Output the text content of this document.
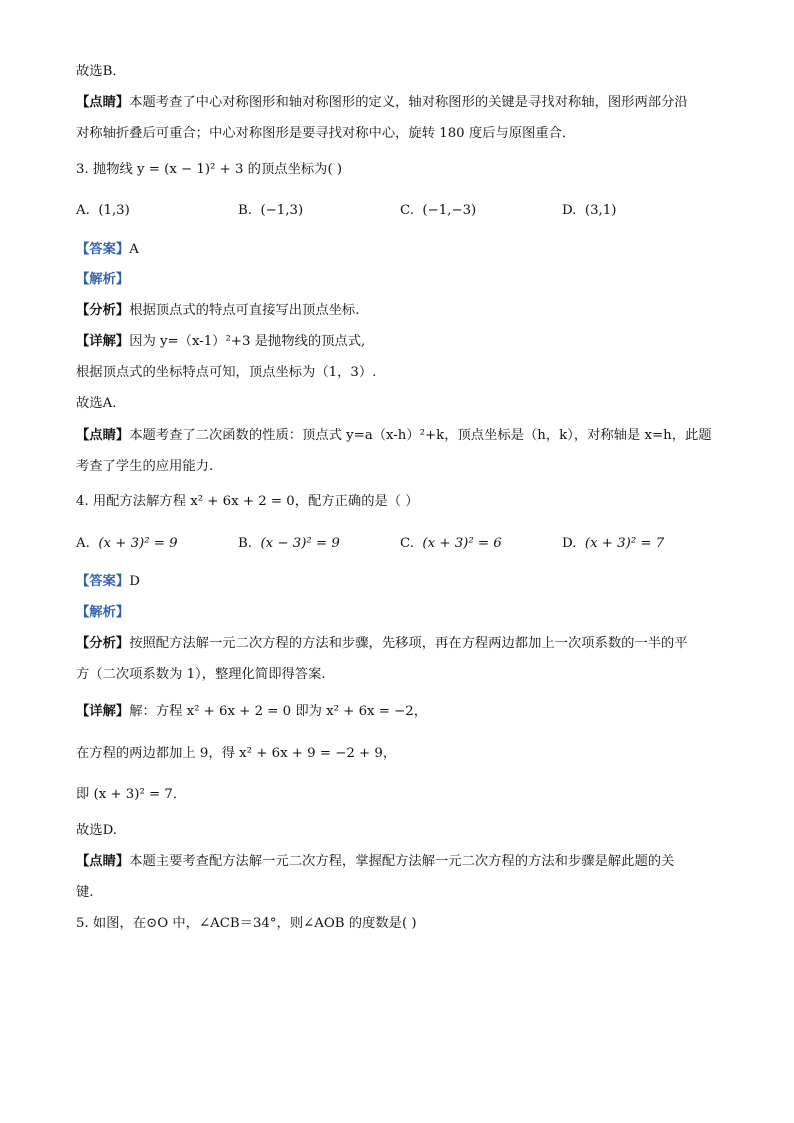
故选B．
【点睛】本题考查了中心对称图形和轴对称图形的定义，轴对称图形的关键是寻找对称轴，图形两部分沿
对称轴折叠后可重合；中心对称图形是要寻找对称中心，旋转 180 度后与原图重合．
3. 抛物线 y = (x − 1)² + 3 的顶点坐标为( )
A. (1,3)	B. (−1,3)	C. (−1,−3)	D. (3,1)
【答案】A
【解析】
【分析】根据顶点式的特点可直接写出顶点坐标.
【详解】因为 y=（x-1）²+3 是抛物线的顶点式,
根据顶点式的坐标特点可知，顶点坐标为（1，3）.
故选A.
【点睛】本题考查了二次函数的性质：顶点式 y=a（x-h）²+k，顶点坐标是（h，k），对称轴是 x=h，此题
考查了学生的应用能力.
4. 用配方法解方程 x² + 6x + 2 = 0，配方正确的是（ ）
A. (x + 3)² = 9	B. (x − 3)² = 9	C. (x + 3)² = 6	D. (x + 3)² = 7
【答案】D
【解析】
【分析】按照配方法解一元二次方程的方法和步骤，先移项，再在方程两边都加上一次项系数的一半的平
方（二次项系数为 1），整理化简即得答案.
【详解】解：方程 x² + 6x + 2 = 0 即为 x² + 6x = −2，
在方程的两边都加上 9，得 x² + 6x + 9 = −2 + 9，
即 (x + 3)² = 7．
故选D.
【点睛】本题主要考查配方法解一元二次方程，掌握配方法解一元二次方程的方法和步骤是解此题的关
键.
5. 如图，在⊙O 中，∠ACB＝34°，则∠AOB 的度数是( )
